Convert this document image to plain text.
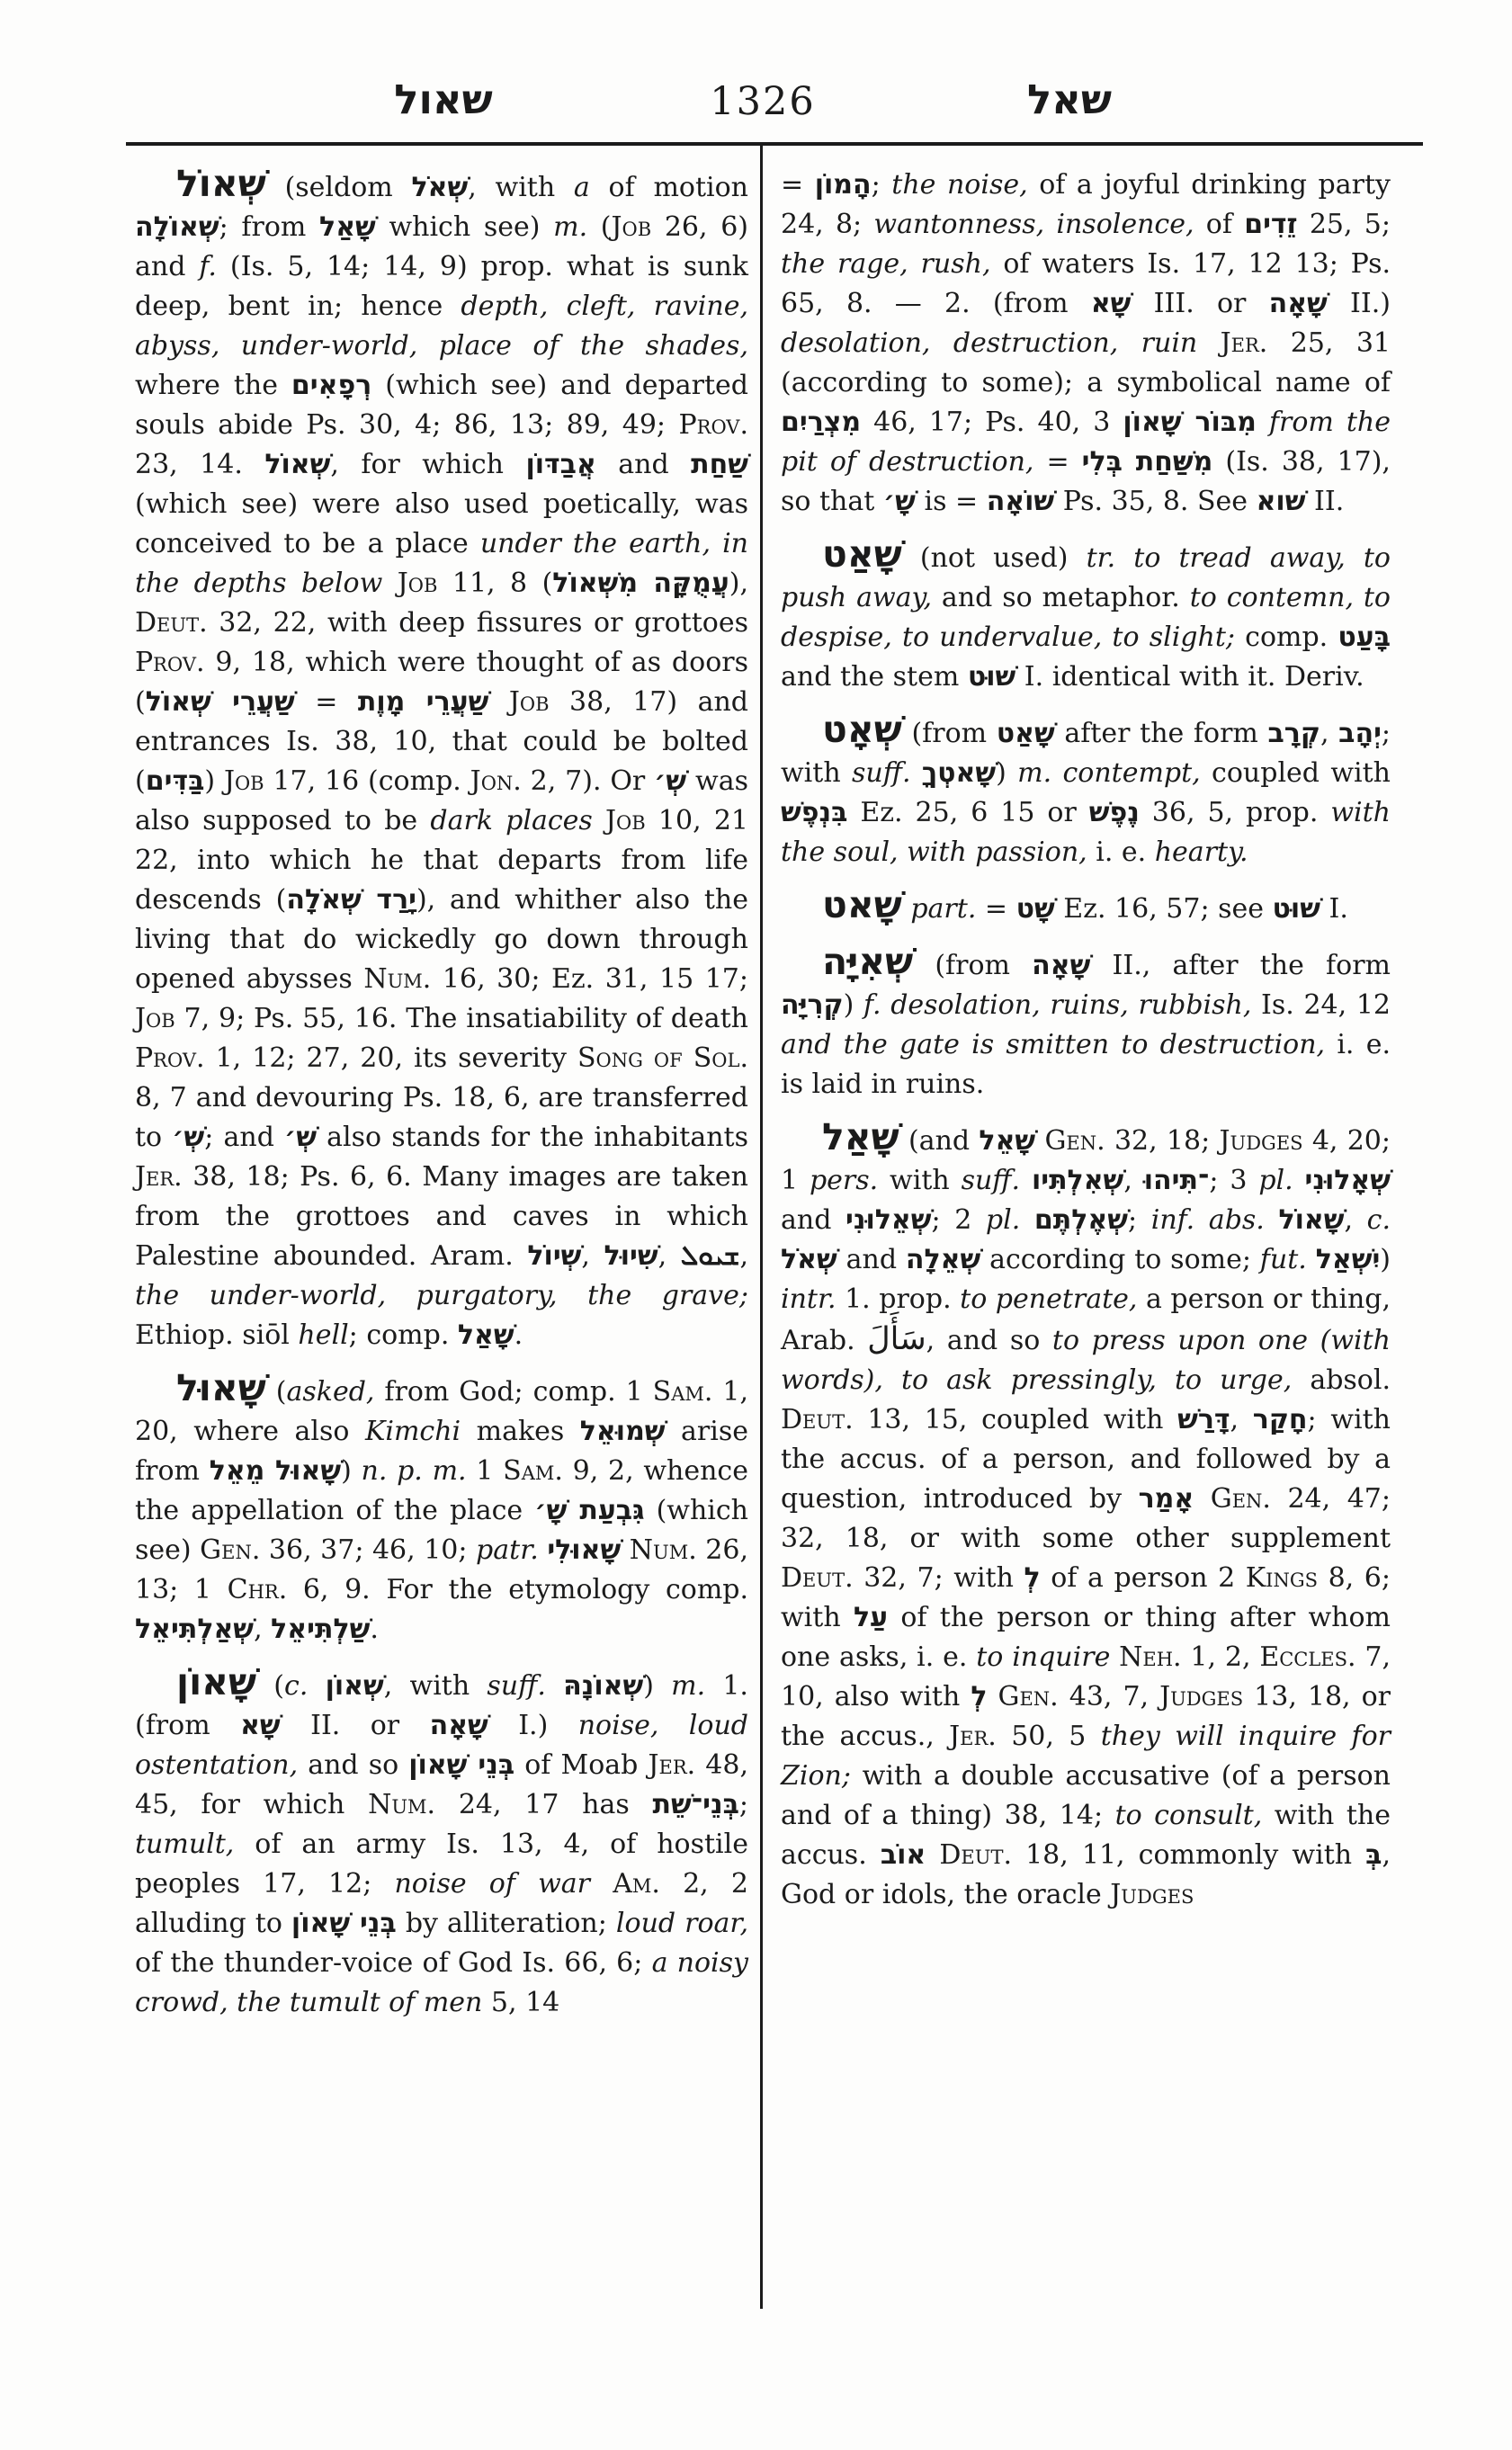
שאול	1326	שאל

שְׁאוֹל (seldom שְׁאֹל, with a of motion שְׁאוֹלָה; from שָׁאַל which see) m. (Job 26, 6) and f. (Is. 5, 14; 14, 9) prop. what is sunk deep, bent in; hence depth, cleft, ravine, abyss, under-world, place of the shades, where the רְפָאִים (which see) and departed souls abide Ps. 30, 4; 86, 13; 89, 49; Prov. 23, 14. שְׁאוֹל, for which אֲבַדּוֹן and שַׁחַת (which see) were also used poetically, was conceived to be a place under the earth, in the depths below Job 11, 8 (עֲמֻקָּה מִשְּׁאוֹל), Deut. 32, 22, with deep fissures or grottoes Prov. 9, 18, which were thought of as doors (שַׁעֲרֵי שְׁאוֹל = שַׁעֲרֵי מָוֶת Job 38, 17) and entrances Is. 38, 10, that could be bolted (בַּדִּים) Job 17, 16 (comp. Jon. 2, 7). Or שְׁ׳ was also supposed to be dark places Job 10, 21 22, into which he that departs from life descends (יָרַד שְׁאֹלָה), and whither also the living that do wickedly go down through opened abysses Num. 16, 30; Ez. 31, 15 17; Job 7, 9; Ps. 55, 16. The insatiability of death Prov. 1, 12; 27, 20, its severity Song of Sol. 8, 7 and devouring Ps. 18, 6, are transferred to שְׁ׳; and שְׁ׳ also stands for the inhabitants Jer. 38, 18; Ps. 6, 6. Many images are taken from the grottoes and caves in which Palestine abounded. Aram. שְׁיוֹל, שִׁיוּל, ܫܝܘܠ, the under-world, purgatory, the grave; Ethiop. siōl hell; comp. שָׁאַל.

שָׁאוּל (asked, from God; comp. 1 Sam. 1, 20, where also Kimchi makes שְׁמוּאֵל arise from שָׁאוּל מֵאֵל) n. p. m. 1 Sam. 9, 2, whence the appellation of the place גִּבְעַת שָׁ׳ (which see) Gen. 36, 37; 46, 10; patr. שָׁאוּלִי Num. 26, 13; 1 Chr. 6, 9. For the etymology comp. שְׁאַלְתִּיאֵל, שַׁלְתִּיאֵל.

שָׁאוֹן (c. שְׁאוֹן, with suff. שְׁאוֹנָהּ) m. 1. (from שָׁא II. or שָׁאָה I.) noise, loud ostentation, and so בְּנֵי שָׁאוֹן of Moab Jer. 48, 45, for which Num. 24, 17 has בְּנֵי־שֵׁת; tumult, of an army Is. 13, 4, of hostile peoples 17, 12; noise of war Am. 2, 2 alluding to בְּנֵי שָׁאוֹן by alliteration; loud roar, of the thunder-voice of God Is. 66, 6; a noisy crowd, the tumult of men 5, 14

= הָמוֹן; the noise, of a joyful drinking party 24, 8; wantonness, insolence, of זֵדִים 25, 5; the rage, rush, of waters Is. 17, 12 13; Ps. 65, 8. — 2. (from שָׁא III. or שָׁאָה II.) desolation, destruction, ruin Jer. 25, 31 (according to some); a symbolical name of מִצְרַיִם 46, 17; Ps. 40, 3 מִבּוֹר שָׁאוֹן from the pit of destruction, = מִשַּׁחַת בְּלִי (Is. 38, 17), so that שָׁ׳ is = שׁוֹאָה Ps. 35, 8. See שׁוא II.

שָׁאַט (not used) tr. to tread away, to push away, and so metaphor. to contemn, to despise, to undervalue, to slight; comp. בָּעַט and the stem שׁוּט I. identical with it. Deriv.

שְׁאָט (from שָׁאַט after the form קְרָב, יְהָב; with suff. שָׁאטְךָ) m. contempt, coupled with בִּנְפֶשׁ Ez. 25, 6 15 or נֶפֶשׁ 36, 5, prop. with the soul, with passion, i. e. hearty.

שָׁאט part. = שָׁט Ez. 16, 57; see שׁוּט I.

שְׁאִיָּה (from שָׁאָה II., after the form קְרִיָּה) f. desolation, ruins, rubbish, Is. 24, 12 and the gate is smitten to destruction, i. e. is laid in ruins.

שָׁאַל (and שָׁאֵל Gen. 32, 18; Judges 4, 20; 1 pers. with suff. שְׁאִלְתִּיו, ־תִּיהוּ; 3 pl. שְׁאָלוּנִי and שְׁאֵלוּנִי; 2 pl. שְׁאֶלְתֶּם; inf. abs. שָׁאוֹל, c. שְׁאֹל and שְׁאֵלָה according to some; fut. יִשְׁאַל) intr. 1. prop. to penetrate, a person or thing, Arab. سَأَلَ, and so to press upon one (with words), to ask pressingly, to urge, absol. Deut. 13, 15, coupled with דָּרַשׁ, חָקַר; with the accus. of a person, and followed by a question, introduced by אָמַר Gen. 24, 47; 32, 18, or with some other supplement Deut. 32, 7; with לְ of a person 2 Kings 8, 6; with עַל of the person or thing after whom one asks, i. e. to inquire Neh. 1, 2, Eccles. 7, 10, also with לְ Gen. 43, 7, Judges 13, 18, or the accus., Jer. 50, 5 they will inquire for Zion; with a double accusative (of a person and of a thing) 38, 14; to consult, with the accus. אוֹב Deut. 18, 11, commonly with בְּ, God or idols, the oracle Judges
